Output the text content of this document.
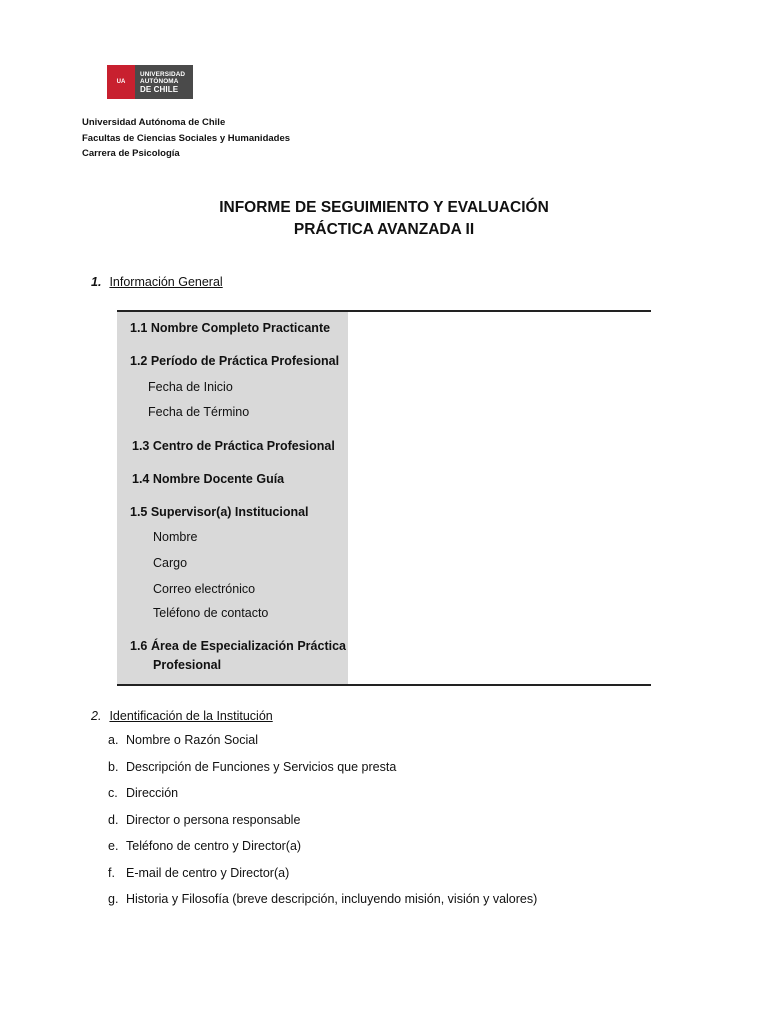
UA
UNIVERSIDAD
AUTÓNOMA
DE CHILE
Universidad Autónoma de Chile
Facultas de Ciencias Sociales y Humanidades
Carrera de Psicología
INFORME DE SEGUIMIENTO Y EVALUACIÓN
PRÁCTICA AVANZADA II
1. Información General
1.1 Nombre Completo Practicante
1.2 Período de Práctica Profesional
Fecha de Inicio
Fecha de Término
1.3 Centro de Práctica Profesional
1.4 Nombre Docente Guía
1.5 Supervisor(a) Institucional
Nombre
Cargo
Correo electrónico
Teléfono de contacto
1.6 Área de Especialización Práctica
Profesional
2. Identificación de la Institución
a. Nombre o Razón Social
b. Descripción de Funciones y Servicios que presta
c. Dirección
d. Director o persona responsable
e. Teléfono de centro y Director(a)
f. E-mail de centro y Director(a)
g. Historia y Filosofía (breve descripción, incluyendo misión, visión y valores)
